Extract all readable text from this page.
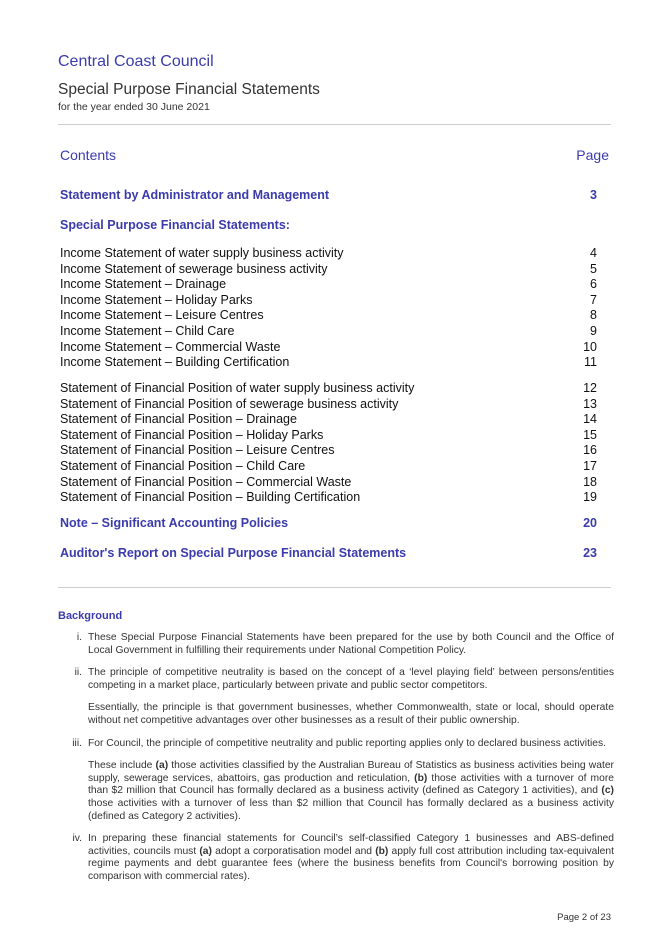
Central Coast Council
Special Purpose Financial Statements
for the year ended 30 June 2021
Contents	Page
Statement by Administrator and Management	3
Special Purpose Financial Statements:
Income Statement of water supply business activity	4
Income Statement of sewerage business activity	5
Income Statement – Drainage	6
Income Statement – Holiday Parks	7
Income Statement – Leisure Centres	8
Income Statement – Child Care	9
Income Statement – Commercial Waste	10
Income Statement – Building Certification	11
Statement of Financial Position of water supply business activity	12
Statement of Financial Position of sewerage business activity	13
Statement of Financial Position – Drainage	14
Statement of Financial Position – Holiday Parks	15
Statement of Financial Position – Leisure Centres	16
Statement of Financial Position – Child Care	17
Statement of Financial Position – Commercial Waste	18
Statement of Financial Position – Building Certification	19
Note – Significant Accounting Policies	20
Auditor's Report on Special Purpose Financial Statements	23
Background
i. These Special Purpose Financial Statements have been prepared for the use by both Council and the Office of Local Government in fulfilling their requirements under National Competition Policy.

ii. The principle of competitive neutrality is based on the concept of a ‘level playing field’ between persons/entities competing in a market place, particularly between private and public sector competitors.

Essentially, the principle is that government businesses, whether Commonwealth, state or local, should operate without net competitive advantages over other businesses as a result of their public ownership.

iii. For Council, the principle of competitive neutrality and public reporting applies only to declared business activities.

These include (a) those activities classified by the Australian Bureau of Statistics as business activities being water supply, sewerage services, abattoirs, gas production and reticulation, (b) those activities with a turnover of more than $2 million that Council has formally declared as a business activity (defined as Category 1 activities), and (c) those activities with a turnover of less than $2 million that Council has formally declared as a business activity (defined as Category 2 activities).

iv. In preparing these financial statements for Council’s self-classified Category 1 businesses and ABS-defined activities, councils must (a) adopt a corporatisation model and (b) apply full cost attribution including tax-equivalent regime payments and debt guarantee fees (where the business benefits from Council's borrowing position by comparison with commercial rates).

Page 2 of 23
